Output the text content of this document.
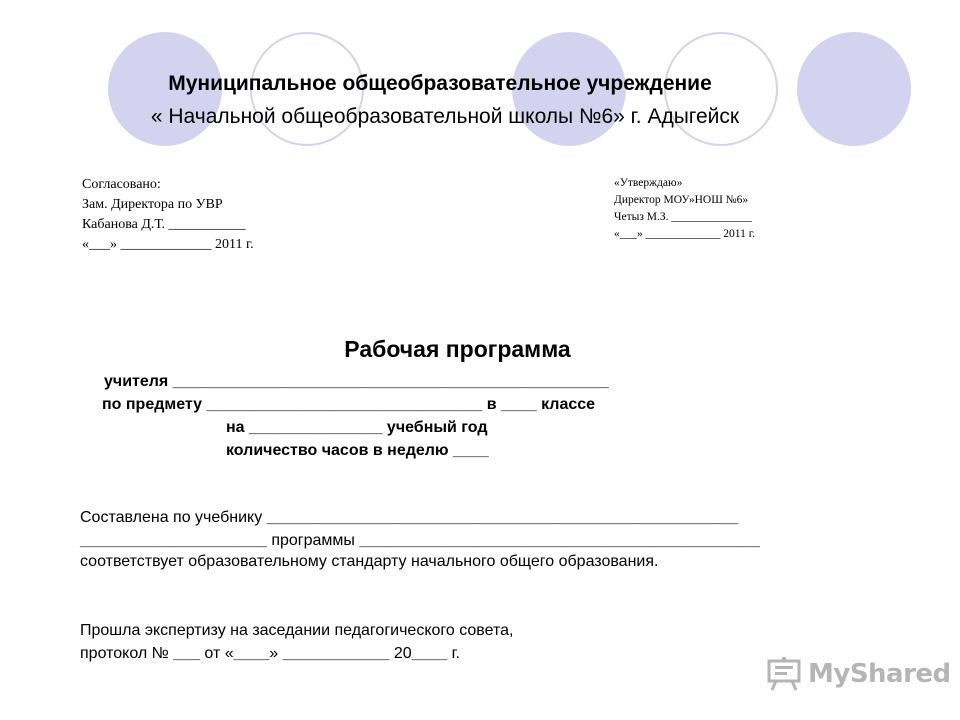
Муниципальное общеобразовательное учреждение
« Начальной общеобразовательной школы №6» г. Адыгейск
Согласовано:
Зам. Директора по УВР
Кабанова Д.Т. ___________
«___» _____________ 2011 г.
«Утверждаю»
Директор МОУ»НОШ №6»
Четыз М.З. ______________
«___» _____________ 2011 г.
Рабочая программа
учителя _________________________________________________
по предмету _______________________________ в ____ классе
на _______________ учебный год
количество часов в неделю ____
Составлена по учебнику _____________________________________________________
_____________________ программы _____________________________________________
соответствует образовательному стандарту начального общего образования.
Прошла экспертизу на заседании педагогического совета,
протокол № ___ от «____» ____________ 20____ г.
MyShared
